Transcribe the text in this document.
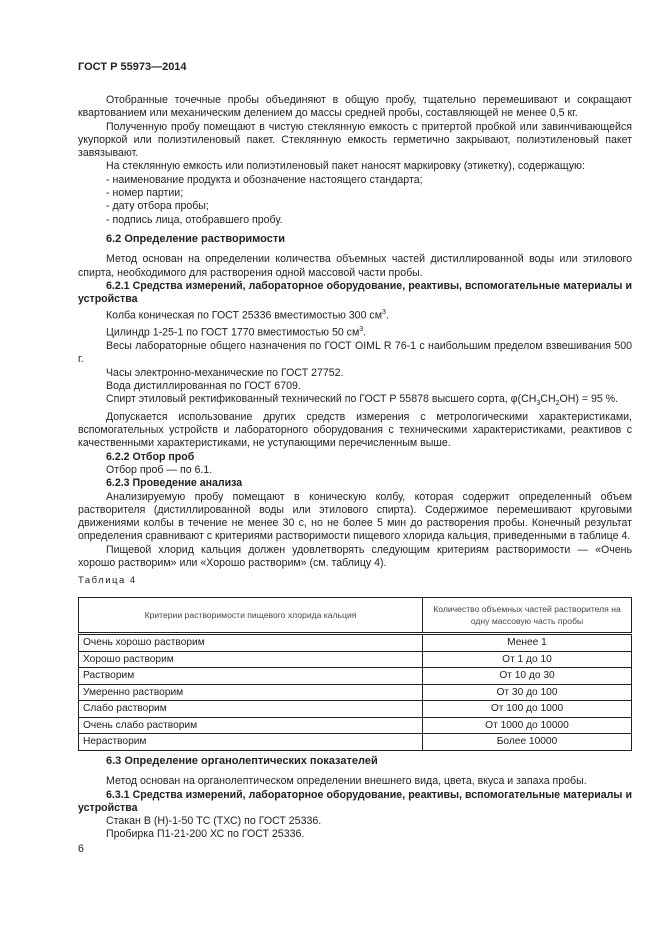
ГОСТ Р 55973—2014

Отобранные точечные пробы объединяют в общую пробу, тщательно перемешивают и сокращают квартованием или механическим делением до массы средней пробы, составляющей не менее 0,5 кг.

Полученную пробу помещают в чистую стеклянную емкость с притертой пробкой или завинчивающейся укупоркой или полиэтиленовый пакет. Стеклянную емкость герметично закрывают, полиэтиленовый пакет завязывают.

На стеклянную емкость или полиэтиленовый пакет наносят маркировку (этикетку), содержащую:

- наименование продукта и обозначение настоящего стандарта;

- номер партии;

- дату отбора пробы;

- подпись лица, отобравшего пробу.

6.2 Определение растворимости

Метод основан на определении количества объемных частей дистиллированной воды или этилового спирта, необходимого для растворения одной массовой части пробы.

6.2.1 Средства измерений, лабораторное оборудование, реактивы, вспомогательные материалы и устройства

Колба коническая по ГОСТ 25336 вместимостью 300 $см^3$.

Цилиндр 1-25-1 по ГОСТ 1770 вместимостью 50 $см^3$.

Весы лабораторные общего назначения по ГОСТ OIML R 76-1 с наибольшим пределом взвешивания 500 г.

Часы электронно-механические по ГОСТ 27752.

Вода дистиллированная по ГОСТ 6709.

Спирт этиловый ректификованный технический по ГОСТ Р 55878 высшего сорта, $\varphi(CH_3CH_2OH) = 95$ %.

Допускается использование других средств измерения с метрологическими характеристиками, вспомогательных устройств и лабораторного оборудования с техническими характеристиками, реактивов с качественными характеристиками, не уступающими перечисленным выше.

6.2.2 Отбор проб

Отбор проб — по 6.1.

6.2.3 Проведение анализа

Анализируемую пробу помещают в коническую колбу, которая содержит определенный объем растворителя (дистиллированной воды или этилового спирта). Содержимое перемешивают круговыми движениями колбы в течение не менее 30 с, но не более 5 мин до растворения пробы. Конечный результат определения сравнивают с критериями растворимости пищевого хлорида кальция, приведенными в таблице 4.

Пищевой хлорид кальция должен удовлетворять следующим критериям растворимости — «Очень хорошо растворим» или «Хорошо растворим» (см. таблицу 4).

Таблица 4
Критерии растворимости пищевого хлорида кальция	Количество объемных частей растворителя на одну массовую часть пробы
Очень хорошо растворим	Менее 1
Хорошо растворим	От 1 до 10
Растворим	От 10 до 30
Умеренно растворим	От 30 до 100
Слабо растворим	От 100 до 1000
Очень слабо растворим	От 1000 до 10000
Нерастворим	Более 10000

6.3 Определение органолептических показателей

Метод основан на органолептическом определении внешнего вида, цвета, вкуса и запаха пробы.

6.3.1 Средства измерений, лабораторное оборудование, реактивы, вспомогательные материалы и устройства

Стакан В (Н)-1-50 ТС (ТХС) по ГОСТ 25336.

Пробирка П1-21-200 ХС по ГОСТ 25336.

6
